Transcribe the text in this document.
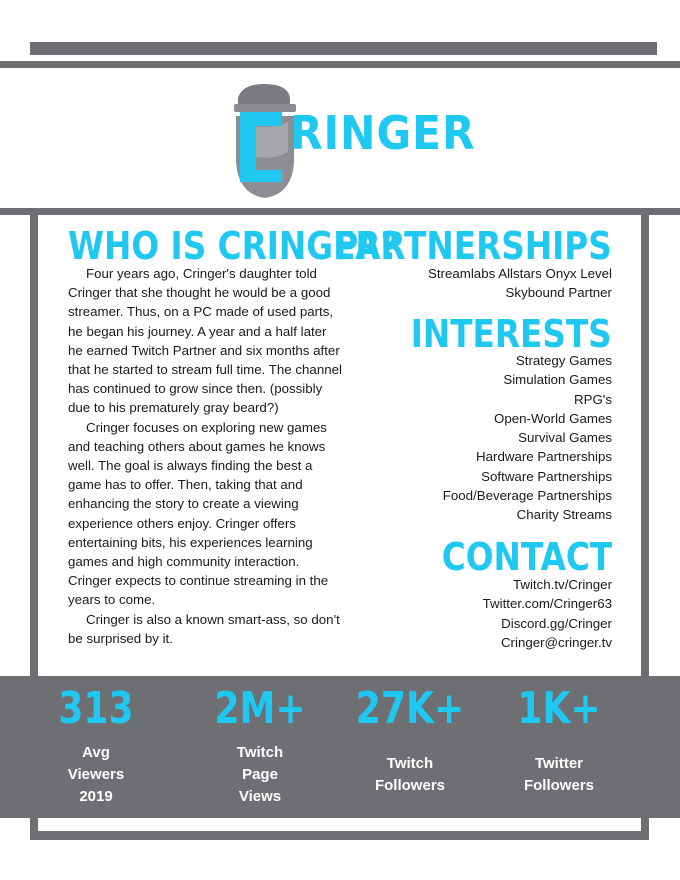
RINGER
WHO IS CRINGER?

Four years ago, Cringer's daughter told Cringer that she thought he would be a good streamer. Thus, on a PC made of used parts, he began his journey. A year and a half later he earned Twitch Partner and six months after that he started to stream full time. The channel has continued to grow since then. (possibly due to his prematurely gray beard?)

Cringer focuses on exploring new games and teaching others about games he knows well. The goal is always finding the best a game has to offer. Then, taking that and enhancing the story to create a viewing experience others enjoy. Cringer offers entertaining bits, his experiences learning games and high community interaction. Cringer expects to continue streaming in the years to come.

Cringer is also a known smart-ass, so don't be surprised by it.

PARTNERSHIPS
Streamlabs Allstars Onyx Level
Skybound Partner
INTERESTS
Strategy Games
Simulation Games
RPG's
Open-World Games
Survival Games
Hardware Partnerships
Software Partnerships
Food/Beverage Partnerships
Charity Streams
CONTACT
Twitch.tv/Cringer
Twitter.com/Cringer63
Discord.gg/Cringer
Cringer@cringer.tv
313
Avg
Viewers
2019
2M+
Twitch
Page
Views
27K+
Twitch
Followers
1K+
Twitter
Followers
